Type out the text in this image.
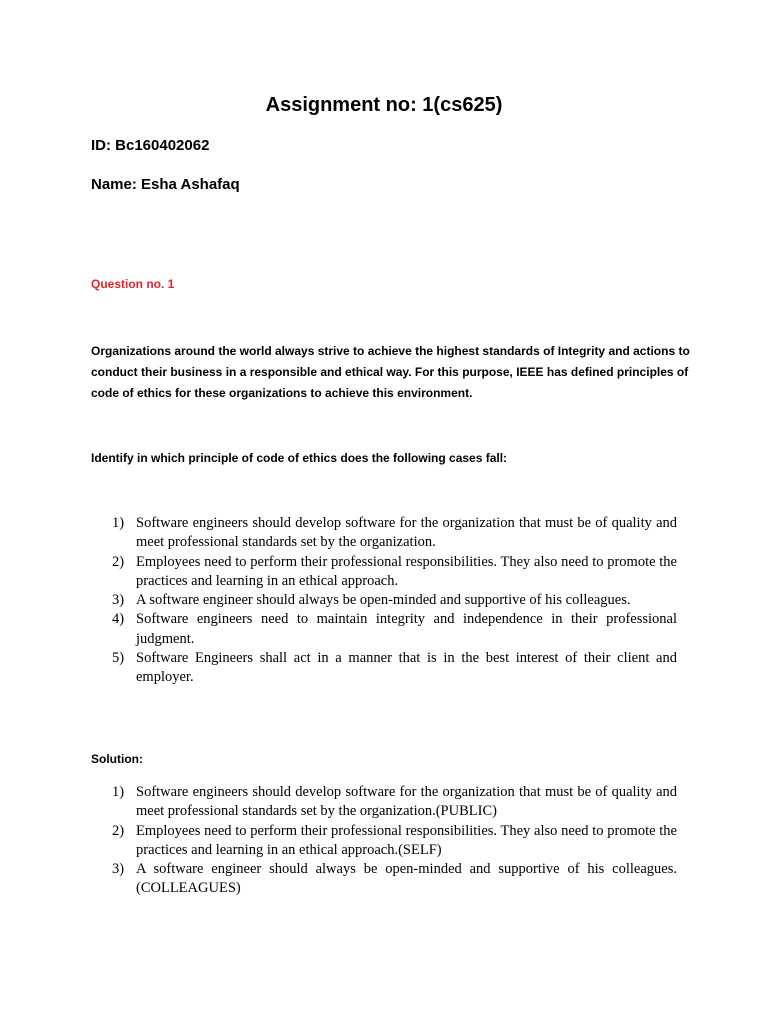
Assignment no: 1(cs625)
ID: Bc160402062
Name: Esha Ashafaq
Question no. 1
Organizations around the world always strive to achieve the highest standards of Integrity and actions to conduct their business in a responsible and ethical way. For this purpose, IEEE has defined principles of code of ethics for these organizations to achieve this environment.
Identify in which principle of code of ethics does the following cases fall:
1) Software engineers should develop software for the organization that must be of quality and meet professional standards set by the organization.
2) Employees need to perform their professional responsibilities. They also need to promote the practices and learning in an ethical approach.
3) A software engineer should always be open-minded and supportive of his colleagues.
4) Software engineers need to maintain integrity and independence in their professional judgment.
5) Software Engineers shall act in a manner that is in the best interest of their client and employer.
Solution:
1) Software engineers should develop software for the organization that must be of quality and meet professional standards set by the organization.(PUBLIC)
2) Employees need to perform their professional responsibilities. They also need to promote the practices and learning in an ethical approach.(SELF)
3) A software engineer should always be open-minded and supportive of his colleagues.(COLLEAGUES)
